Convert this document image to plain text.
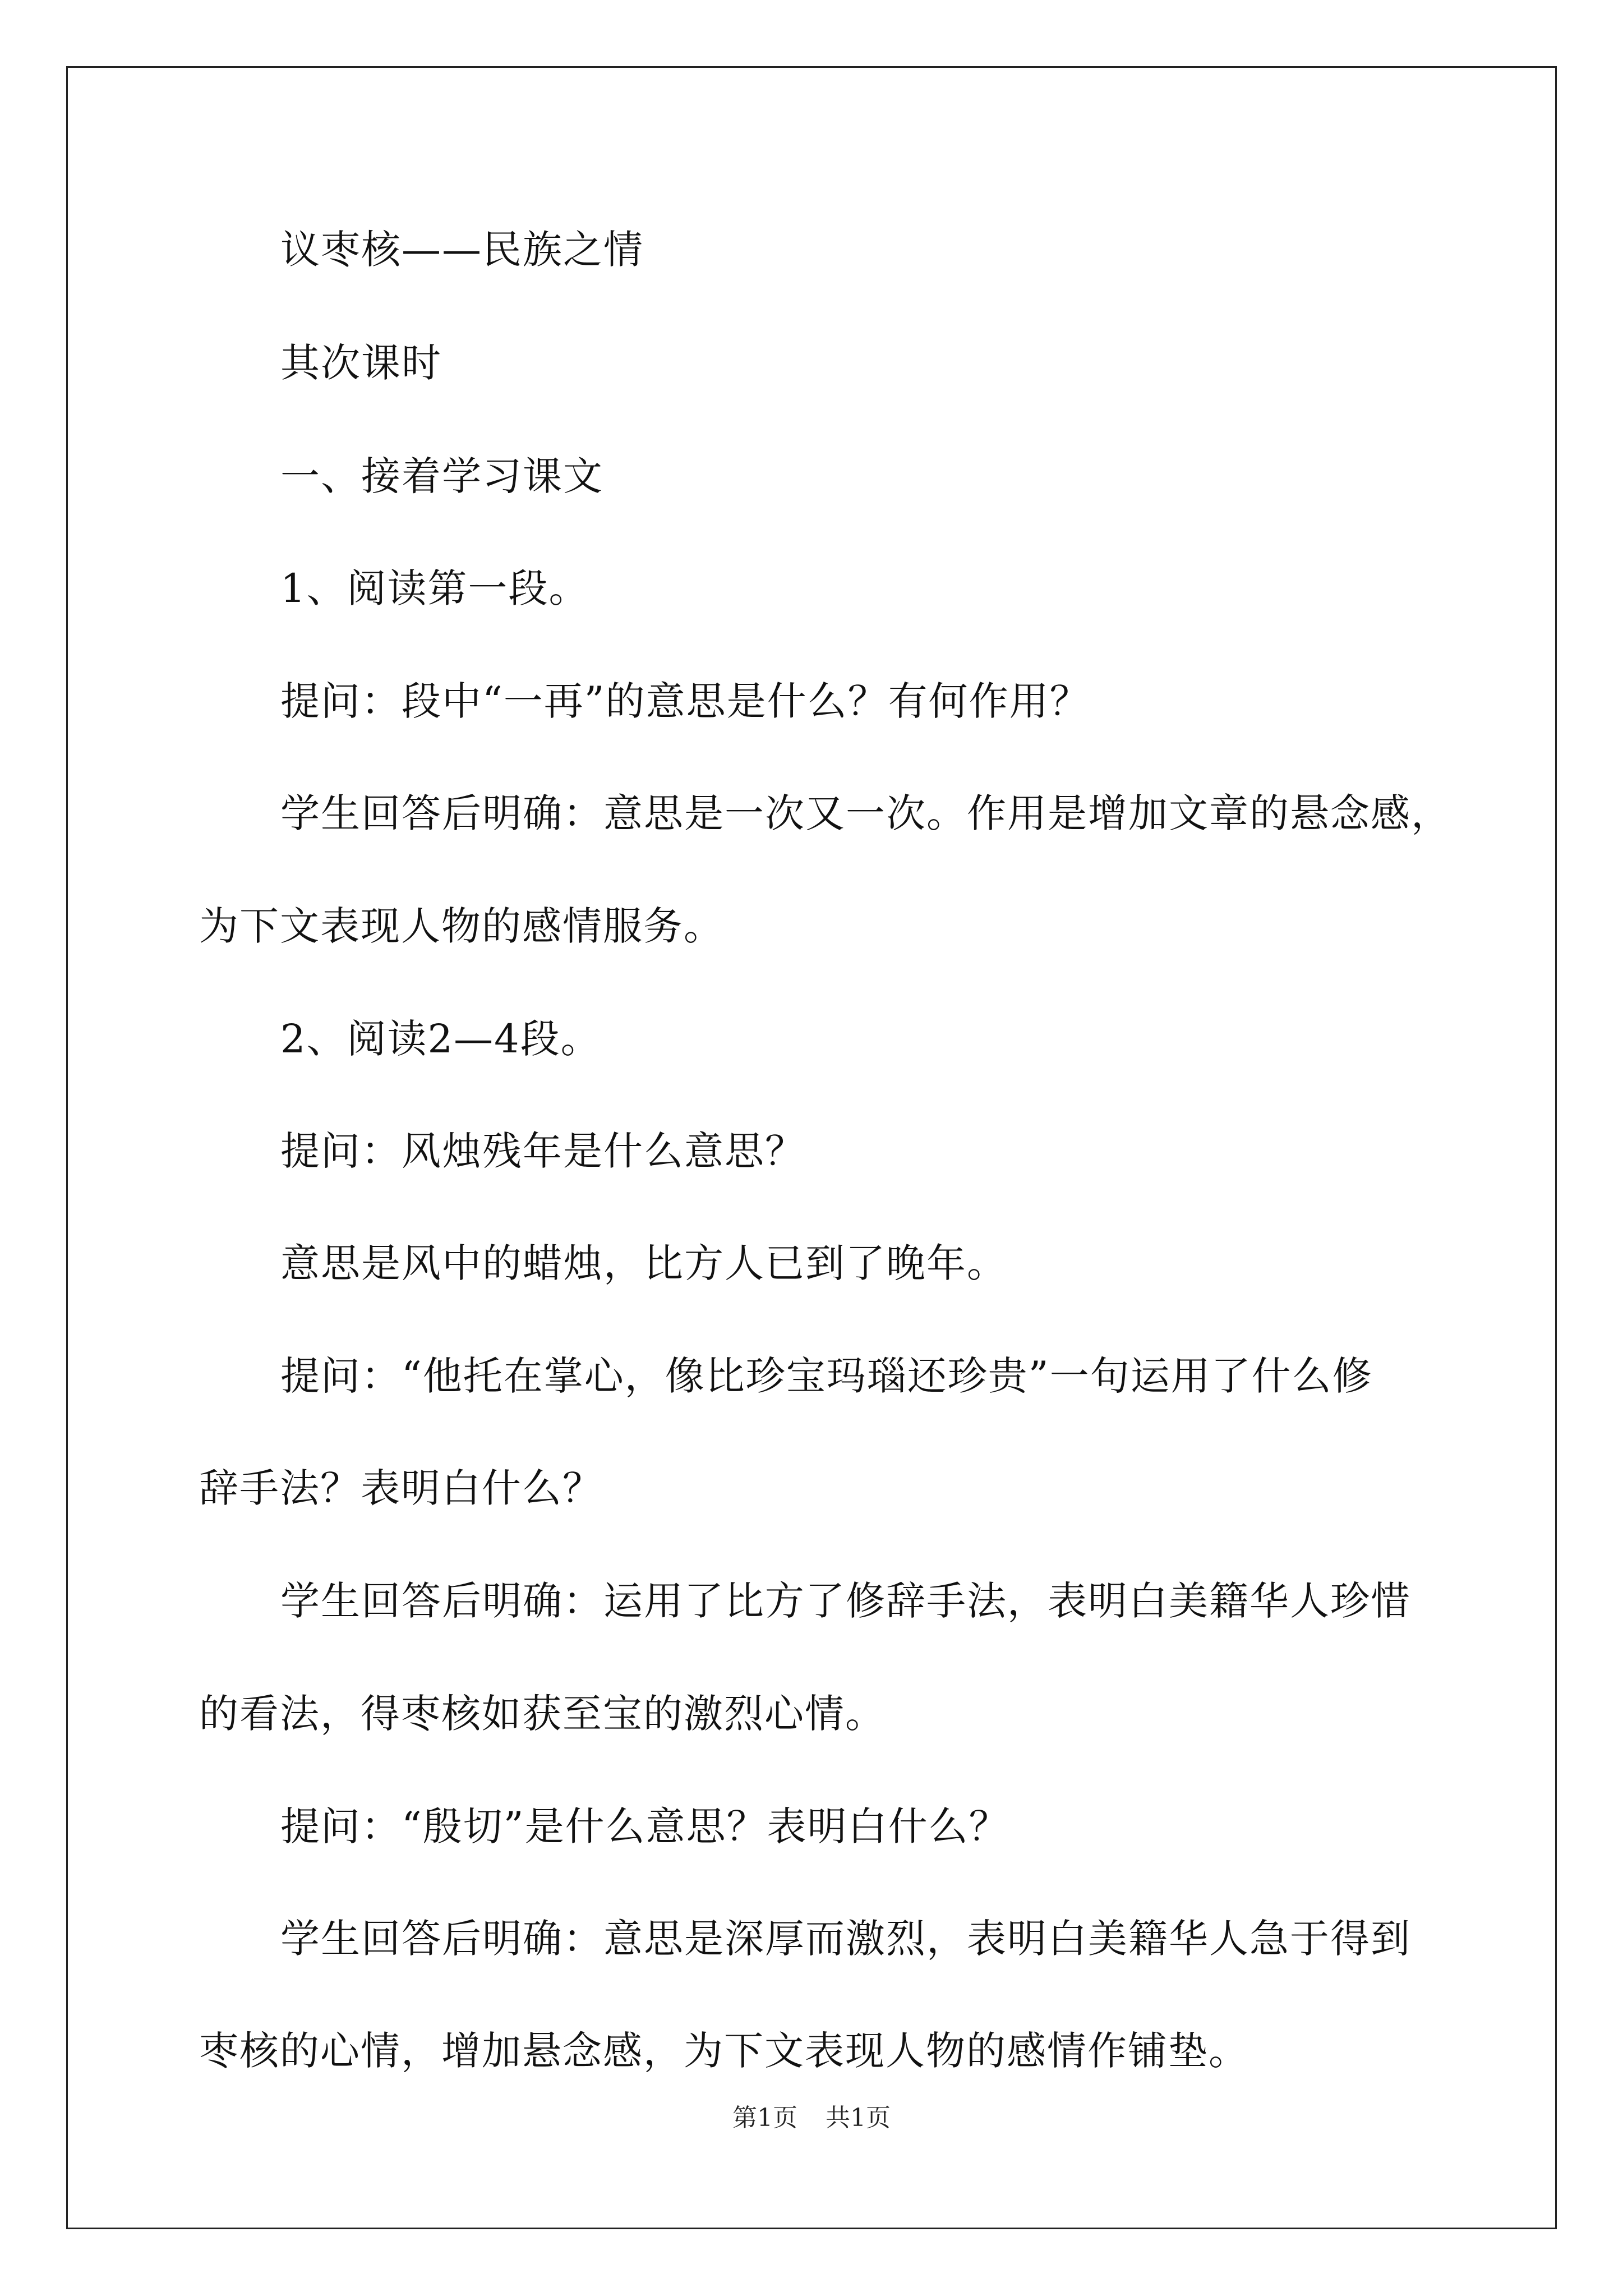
议枣核——民族之情
其次课时
一、接着学习课文
1、阅读第一段。
提问：段中“一再”的意思是什么？有何作用？
学生回答后明确：意思是一次又一次。作用是增加文章的悬念感，
为下文表现人物的感情服务。
2、阅读2—4段。
提问：风烛残年是什么意思？
意思是风中的蜡烛，比方人已到了晚年。
提问：“他托在掌心，像比珍宝玛瑙还珍贵”一句运用了什么修
辞手法？表明白什么？
学生回答后明确：运用了比方了修辞手法，表明白美籍华人珍惜
的看法，得枣核如获至宝的激烈心情。
提问：“殷切”是什么意思？表明白什么？
学生回答后明确：意思是深厚而激烈，表明白美籍华人急于得到
枣核的心情，增加悬念感，为下文表现人物的感情作铺垫。
第1页 共1页
